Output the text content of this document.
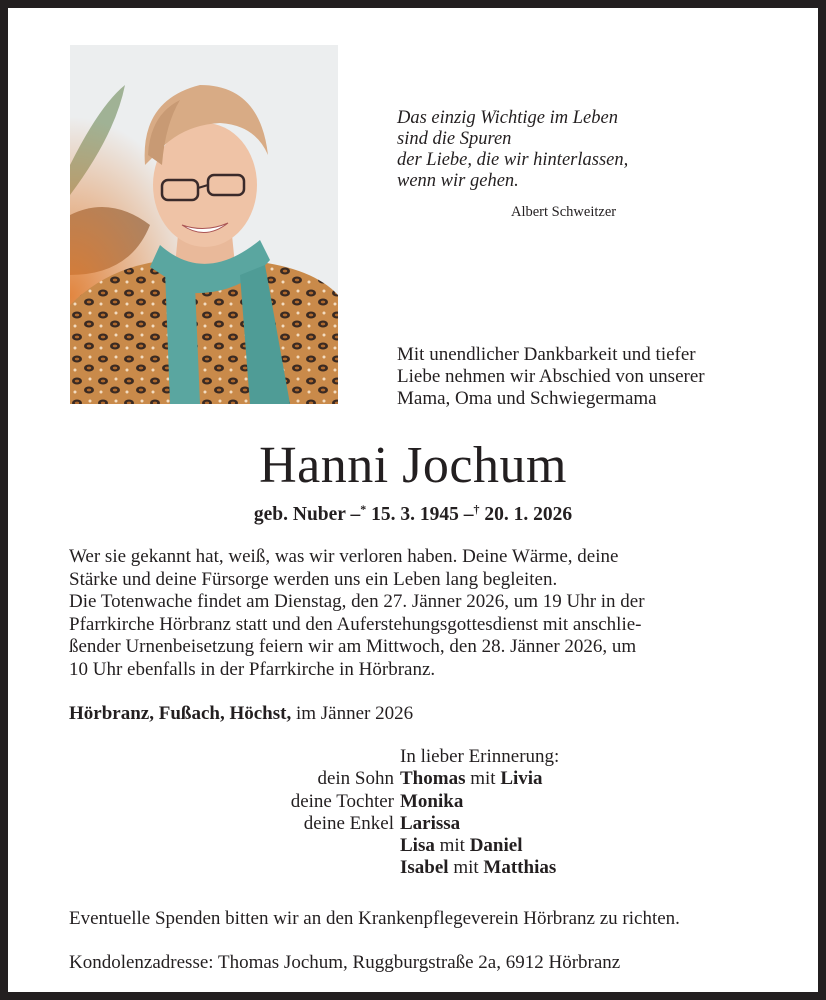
Das einzig Wichtige im Leben
sind die Spuren
der Liebe, die wir hinterlassen,
wenn wir gehen.
Albert Schweitzer
Mit unendlicher Dankbarkeit und tiefer
Liebe nehmen wir Abschied von unserer
Mama, Oma und Schwiegermama
Hanni Jochum
geb. Nuber –* 15. 3. 1945 –† 20. 1. 2026
Wer sie gekannt hat, weiß, was wir verloren haben. Deine Wärme, deine
Stärke und deine Fürsorge werden uns ein Leben lang begleiten.
Die Totenwache findet am Dienstag, den 27. Jänner 2026, um 19 Uhr in der
Pfarrkirche Hörbranz statt und den Auferstehungsgottesdienst mit anschlie-
ßender Urnenbeisetzung feiern wir am Mittwoch, den 28. Jänner 2026, um
10 Uhr ebenfalls in der Pfarrkirche in Hörbranz.
Hörbranz, Fußach, Höchst, im Jänner 2026
In lieber Erinnerung:
dein Sohn Thomas mit Livia
deine Tochter Monika
deine Enkel Larissa
Lisa mit Daniel
Isabel mit Matthias
Eventuelle Spenden bitten wir an den Krankenpflegeverein Hörbranz zu richten.
Kondolenzadresse: Thomas Jochum, Ruggburgstraße 2a, 6912 Hörbranz
